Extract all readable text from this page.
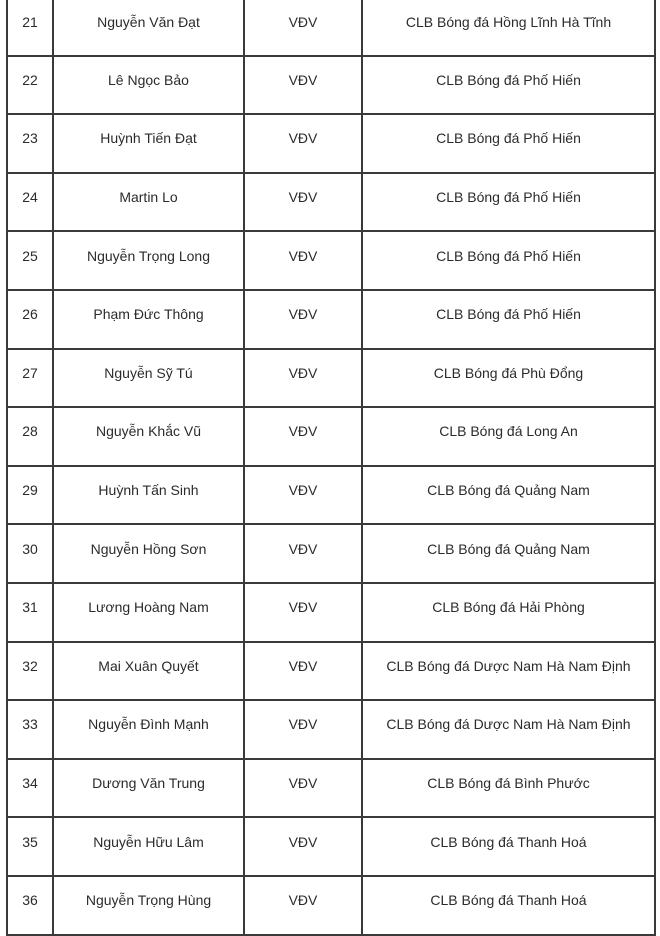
21	Nguyễn Văn Đạt	VĐV	CLB Bóng đá Hồng Lĩnh Hà Tĩnh
22	Lê Ngọc Bảo	VĐV	CLB Bóng đá Phố Hiến
23	Huỳnh Tiến Đạt	VĐV	CLB Bóng đá Phố Hiến
24	Martin Lo	VĐV	CLB Bóng đá Phố Hiến
25	Nguyễn Trọng Long	VĐV	CLB Bóng đá Phố Hiến
26	Phạm Đức Thông	VĐV	CLB Bóng đá Phố Hiến
27	Nguyễn Sỹ Tú	VĐV	CLB Bóng đá Phù Đổng
28	Nguyễn Khắc Vũ	VĐV	CLB Bóng đá Long An
29	Huỳnh Tấn Sinh	VĐV	CLB Bóng đá Quảng Nam
30	Nguyễn Hồng Sơn	VĐV	CLB Bóng đá Quảng Nam
31	Lương Hoàng Nam	VĐV	CLB Bóng đá Hải Phòng
32	Mai Xuân Quyết	VĐV	CLB Bóng đá Dược Nam Hà Nam Định
33	Nguyễn Đình Mạnh	VĐV	CLB Bóng đá Dược Nam Hà Nam Định
34	Dương Văn Trung	VĐV	CLB Bóng đá Bình Phước
35	Nguyễn Hữu Lâm	VĐV	CLB Bóng đá Thanh Hoá
36	Nguyễn Trọng Hùng	VĐV	CLB Bóng đá Thanh Hoá
